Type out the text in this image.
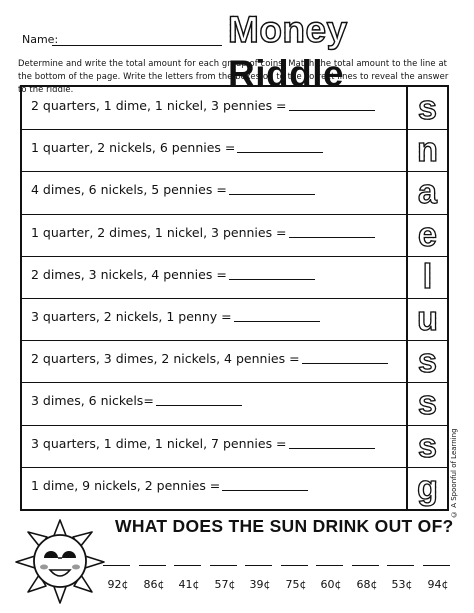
Name:	Money Riddle
Determine and write the total amount for each group of coins. Match the total amount to the line at the bottom of the page. Write the letters from the boxes on to the correct lines to reveal the answer to the riddle.
2 quarters, 1 dime, 1 nickel, 3 pennies =	s
1 quarter, 2 nickels, 6 pennies =	n
4 dimes, 6 nickels, 5 pennies =	a
1 quarter, 2 dimes, 1 nickel, 3 pennies =	e
2 dimes, 3 nickels, 4 pennies =	l
3 quarters, 2 nickels, 1 penny =	u
2 quarters, 3 dimes, 2 nickels, 4 pennies =	s
3 dimes, 6 nickels=	s
3 quarters, 1 dime, 1 nickel, 7 pennies =	s
1 dime, 9 nickels, 2 pennies =	g © A Spoonful of Learning
WHAT DOES THE SUN DRINK OUT OF?
92¢	86¢	41¢	57¢	39¢	75¢	60¢	68¢	53¢	94¢
